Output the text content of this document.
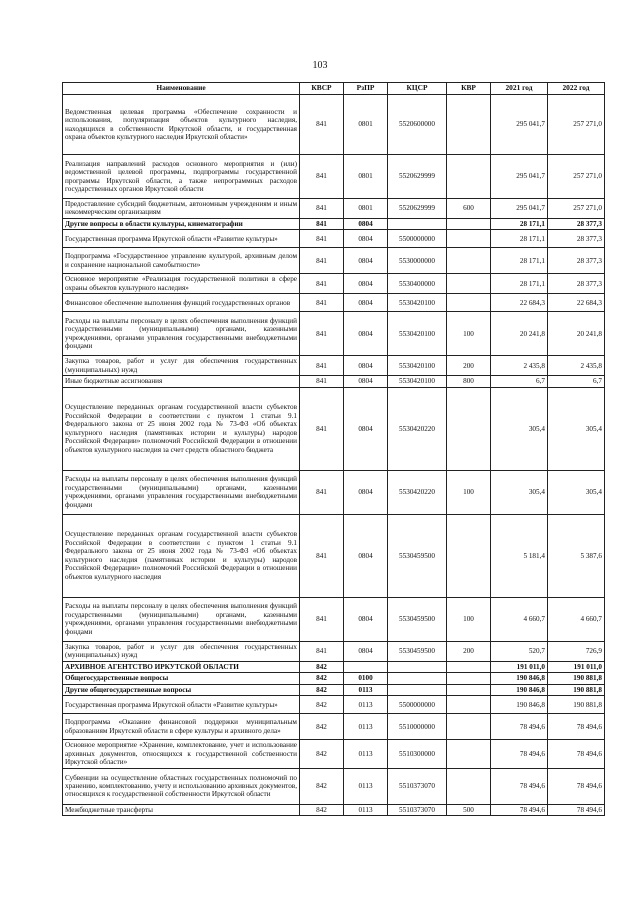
103
Наименование	КВСР	РзПР	КЦСР	КВР	2021 год	2022 год
Ведомственная целевая программа «Обеспечение сохранности и использования, популяризация объектов культурного наследия, находящихся в собственности Иркутской области, и государственная охрана объектов культурного наследия Иркутской области»	841	0801	5520600000		295 041,7	257 271,0
Реализация направлений расходов основного мероприятия и (или) ведомственной целевой программы, подпрограммы государственной программы Иркутской области, а также непрограммных расходов государственных органов Иркутской области	841	0801	5520629999		295 041,7	257 271,0
Предоставление субсидий бюджетным, автономным учреждениям и иным некоммерческим организациям	841	0801	5520629999	600	295 041,7	257 271,0
Другие вопросы в области культуры, кинематографии	841	0804			28 171,1	28 377,3
Государственная программа Иркутской области «Развитие культуры»	841	0804	5500000000		28 171,1	28 377,3
Подпрограмма «Государственное управление культурой, архивным делом и сохранение национальной самобытности»	841	0804	5530000000		28 171,1	28 377,3
Основное мероприятие «Реализация государственной политики в сфере охраны объектов культурного наследия»	841	0804	5530400000		28 171,1	28 377,3
Финансовое обеспечение выполнения функций государственных органов	841	0804	5530420100		22 684,3	22 684,3
Расходы на выплаты персоналу в целях обеспечения выполнения функций государственными (муниципальными) органами, казенными учреждениями, органами управления государственными внебюджетными фондами	841	0804	5530420100	100	20 241,8	20 241,8
Закупка товаров, работ и услуг для обеспечения государственных (муниципальных) нужд	841	0804	5530420100	200	2 435,8	2 435,8
Иные бюджетные ассигнования	841	0804	5530420100	800	6,7	6,7
Осуществление переданных органам государственной власти субъектов Российской Федерации в соответствии с пунктом 1 статьи 9.1 Федерального закона от 25 июня 2002 года № 73-ФЗ «Об объектах культурного наследия (памятниках истории и культуры) народов Российской Федерации» полномочий Российской Федерации в отношении объектов культурного наследия за счет средств областного бюджета	841	0804	5530420220		305,4	305,4
Расходы на выплаты персоналу в целях обеспечения выполнения функций государственными (муниципальными) органами, казенными учреждениями, органами управления государственными внебюджетными фондами	841	0804	5530420220	100	305,4	305,4
Осуществление переданных органам государственной власти субъектов Российской Федерации в соответствии с пунктом 1 статьи 9.1 Федерального закона от 25 июня 2002 года № 73-ФЗ «Об объектах культурного наследия (памятниках истории и культуры) народов Российской Федерации» полномочий Российской Федерации в отношении объектов культурного наследия	841	0804	5530459500		5 181,4	5 387,6
Расходы на выплаты персоналу в целях обеспечения выполнения функций государственными (муниципальными) органами, казенными учреждениями, органами управления государственными внебюджетными фондами	841	0804	5530459500	100	4 660,7	4 660,7
Закупка товаров, работ и услуг для обеспечения государственных (муниципальных) нужд	841	0804	5530459500	200	520,7	726,9
АРХИВНОЕ АГЕНТСТВО ИРКУТСКОЙ ОБЛАСТИ	842				191 011,0	191 011,0
Общегосударственные вопросы	842	0100			190 846,8	190 881,8
Другие общегосударственные вопросы	842	0113			190 846,8	190 881,8
Государственная программа Иркутской области «Развитие культуры»	842	0113	5500000000		190 846,8	190 881,8
Подпрограмма «Оказание финансовой поддержки муниципальным образованиям Иркутской области в сфере культуры и архивного дела»	842	0113	5510000000		78 494,6	78 494,6
Основное мероприятие «Хранение, комплектование, учет и использование архивных документов, относящихся к государственной собственности Иркутской области»	842	0113	5510300000		78 494,6	78 494,6
Субвенции на осуществление областных государственных полномочий по хранению, комплектованию, учету и использованию архивных документов, относящихся к государственной собственности Иркутской области	842	0113	5510373070		78 494,6	78 494,6
Межбюджетные трансферты	842	0113	5510373070	500	78 494,6	78 494,6
